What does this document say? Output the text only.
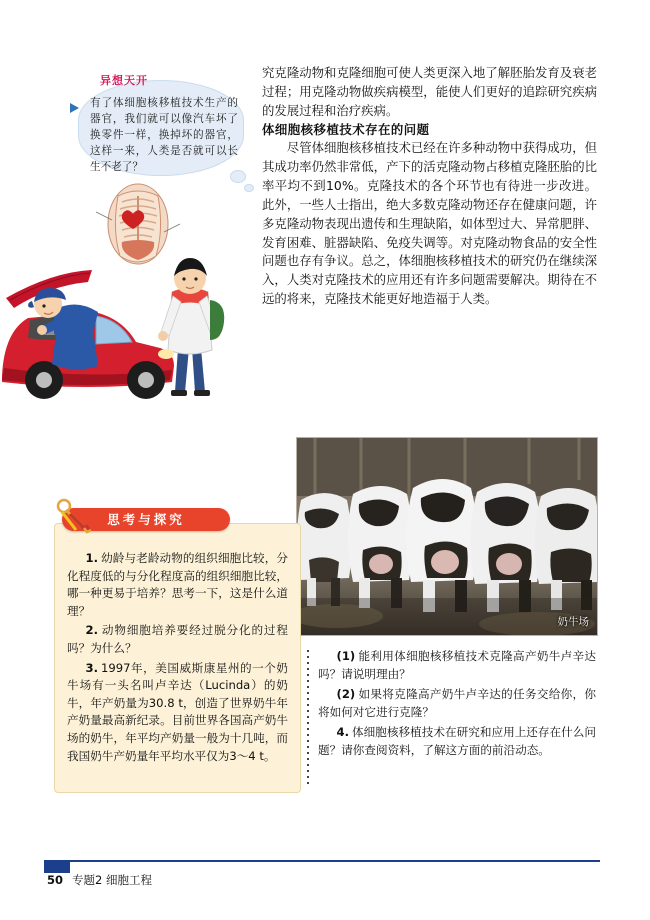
异想天开
有了体细胞核移植技术生产的器官，我们就可以像汽车坏了换零件一样，换掉坏的器官，这样一来，人类是否就可以长生不老了？

究克隆动物和克隆细胞可使人类更深入地了解胚胎发育及衰老过程；用克隆动物做疾病模型，能使人们更好的追踪研究疾病的发展过程和治疗疾病。

体细胞核移植技术存在的问题

尽管体细胞核移植技术已经在许多种动物中获得成功，但其成功率仍然非常低，产下的活克隆动物占移植克隆胚胎的比率平均不到10%。克隆技术的各个环节也有待进一步改进。此外，一些人士指出，绝大多数克隆动物还存在健康问题，许多克隆动物表现出遗传和生理缺陷，如体型过大、异常肥胖、发育困难、脏器缺陷、免疫失调等。对克隆动物食品的安全性问题也存有争议。总之，体细胞核移植技术的研究仍在继续深入，人类对克隆技术的应用还有许多问题需要解决。期待在不远的将来，克隆技术能更好地造福于人类。

奶牛场

1. 幼龄与老龄动物的组织细胞比较，分化程度低的与分化程度高的组织细胞比较，哪一种更易于培养？思考一下，这是什么道理？

2. 动物细胞培养要经过脱分化的过程吗？为什么？

3. 1997年，美国威斯康星州的一个奶牛场有一头名叫卢辛达（Lucinda）的奶牛，年产奶量为30.8 t，创造了世界奶牛年产奶量最高新纪录。目前世界各国高产奶牛场的奶牛，年平均产奶量一般为十几吨，而我国奶牛产奶量年平均水平仅为3～4 t。

思考与探究

(1) 能利用体细胞核移植技术克隆高产奶牛卢辛达吗？请说明理由？

(2) 如果将克隆高产奶牛卢辛达的任务交给你，你将如何对它进行克隆？

4. 体细胞核移植技术在研究和应用上还存在什么问题？请你查阅资料，了解这方面的前沿动态。

50 专题2 细胞工程
